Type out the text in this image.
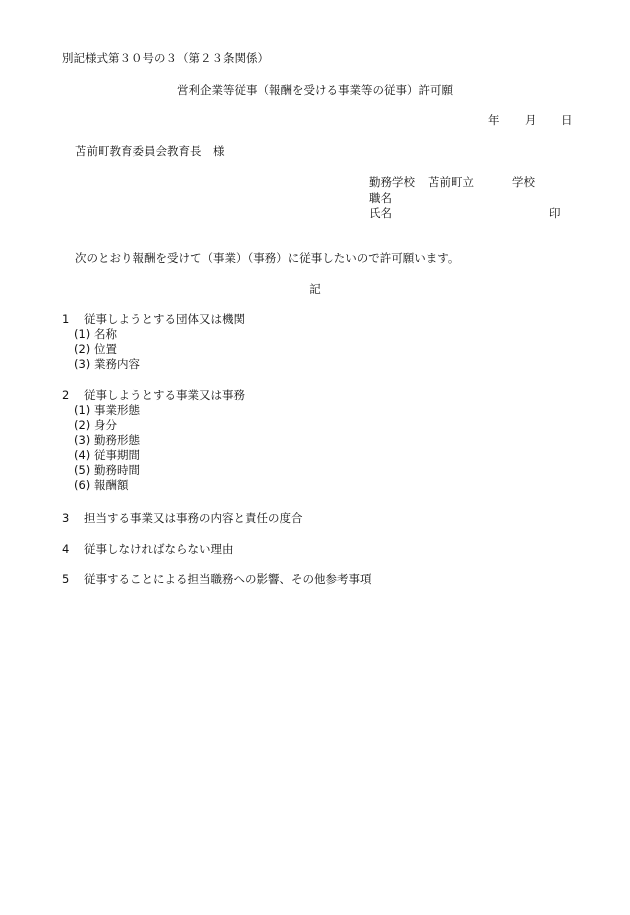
別記様式第３０号の３（第２３条関係）
営利企業等従事（報酬を受ける事業等の従事）許可願
年 月 日
苫前町教育委員会教育長　様
勤務学校 苫前町立	学校
職名
氏名	印
次のとおり報酬を受けて（事業）（事務）に従事したいので許可願います。
記
1 従事しようとする団体又は機関
(1) 名称
(2) 位置
(3) 業務内容
2 従事しようとする事業又は事務
(1) 事業形態
(2) 身分
(3) 勤務形態
(4) 従事期間
(5) 勤務時間
(6) 報酬額
3 担当する事業又は事務の内容と責任の度合
4 従事しなければならない理由
5 従事することによる担当職務への影響、その他参考事項
